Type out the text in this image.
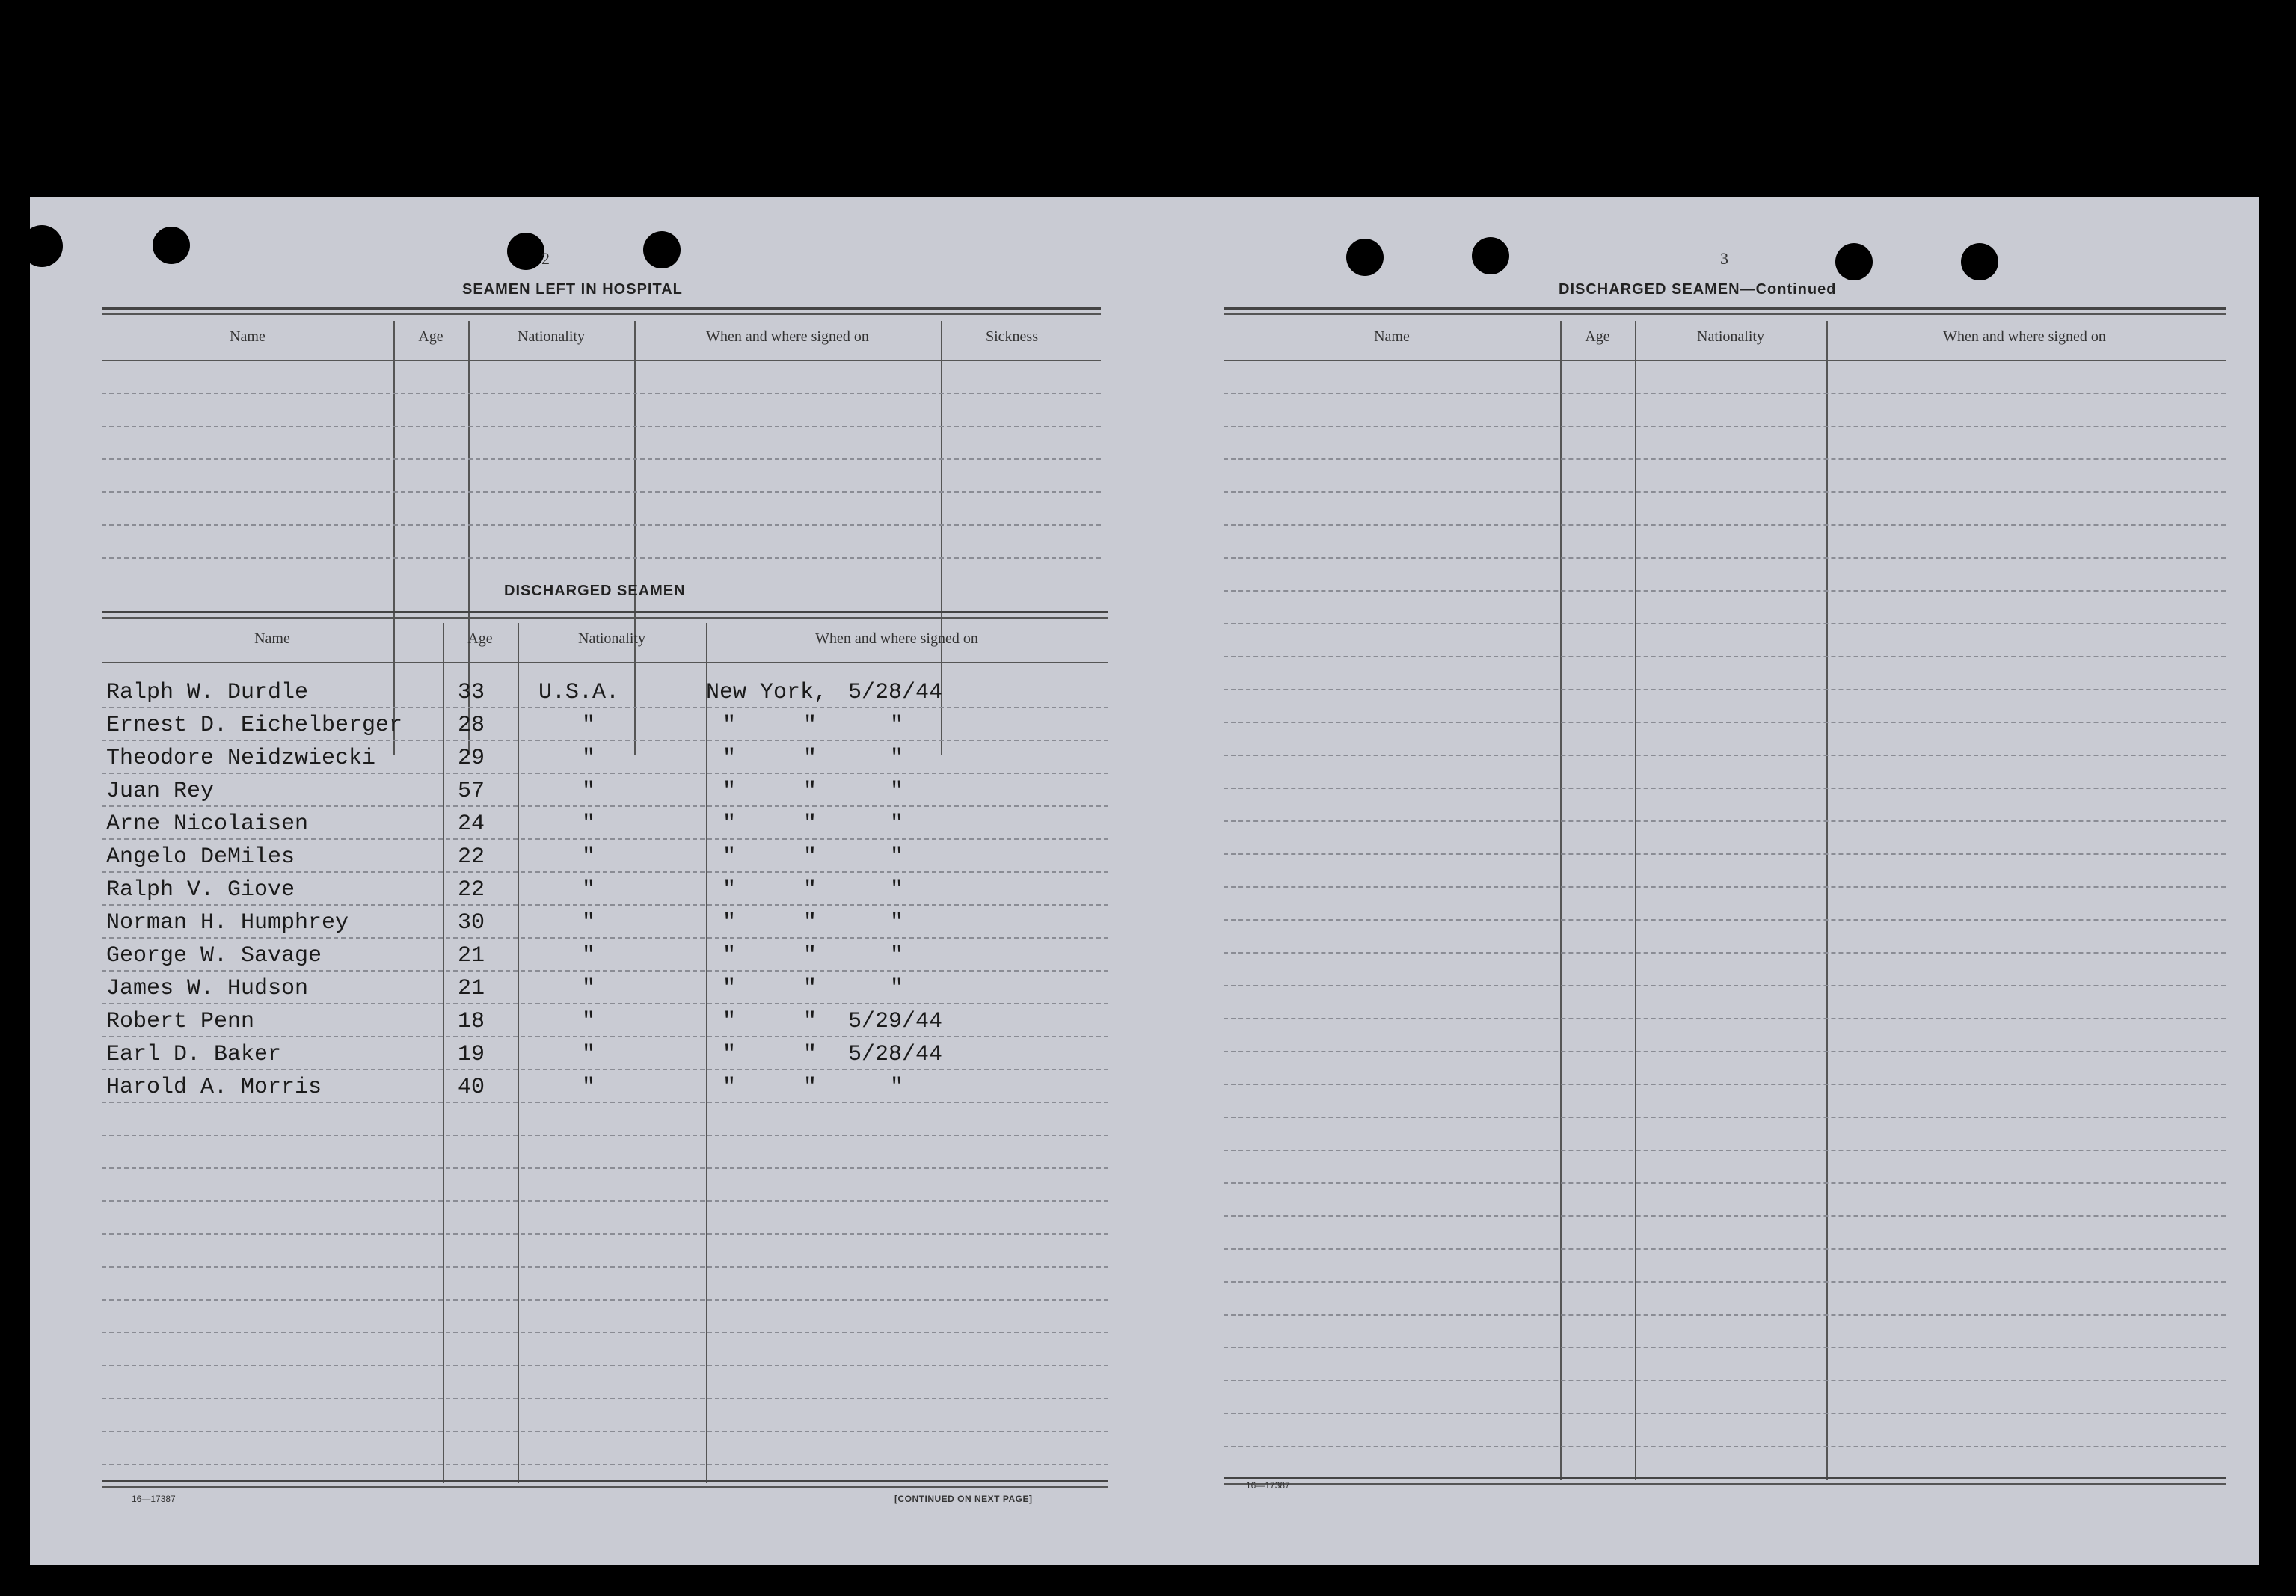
2
SEAMEN LEFT IN HOSPITAL
Name	Age	Nationality	When and where signed on	Sickness
DISCHARGED SEAMEN
Name	Age	Nationality	When and where signed on
Ralph W. Durdle	33 U.S.A.	New York, 5/28/44
Ernest D. Eichelberger 28	"	"     "	"
Theodore Neidzwiecki	29	"	"     "	"
Juan Rey	57	"	"     "	"
Arne Nicolaisen	24	"	"     "	"
Angelo DeMiles	22	"	"     "	"
Ralph V. Giove	22	"	"     "	"
Norman H. Humphrey	30	"	"     "	"
George W. Savage	21	"	"     "	"
James W. Hudson	21	"	"     "	"
Robert Penn	18	"	"     " 5/29/44
Earl D. Baker	19	"	"     " 5/28/44
Harold A. Morris	40	"	"     "	"
16—17387	[CONTINUED ON NEXT PAGE]
3
DISCHARGED SEAMEN—Continued
Name	Age	Nationality	When and where signed on
16—17387
